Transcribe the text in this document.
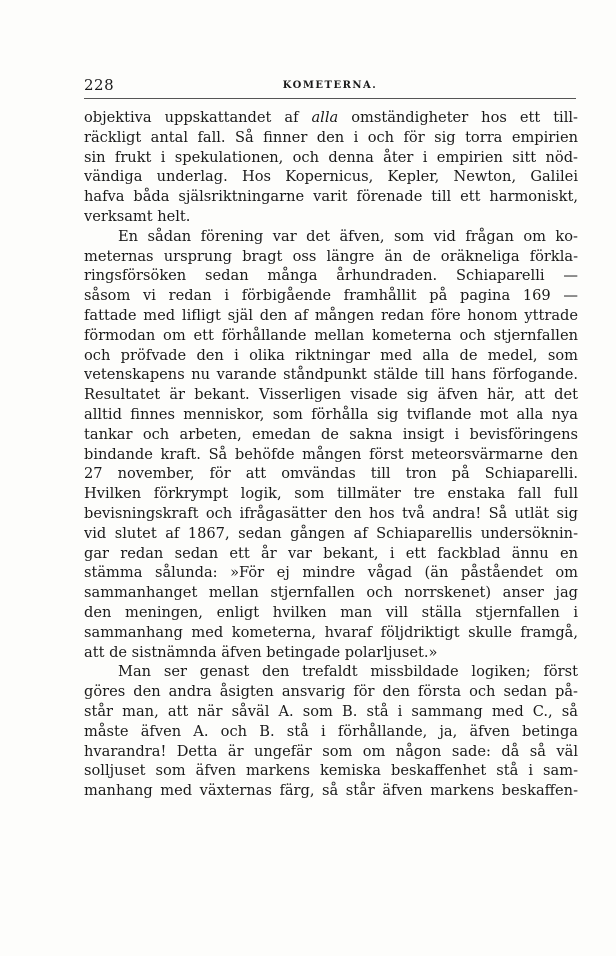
228	KOMETERNA.
objektiva uppskattandet af alla omständigheter hos ett till-
räckligt antal fall. Så finner den i och för sig torra empirien
sin frukt i spekulationen, och denna åter i empirien sitt nöd-
vändiga underlag. Hos Kopernicus, Kepler, Newton, Galilei
hafva båda själsriktningarne varit förenade till ett harmoniskt,
verksamt helt.
En sådan förening var det äfven, som vid frågan om ko-
meternas ursprung bragt oss längre än de oräkneliga förkla-
ringsförsöken sedan många århundraden. Schiaparelli —
såsom vi redan i förbigående framhållit på pagina 169 —
fattade med lifligt själ den af mången redan före honom yttrade
förmodan om ett förhållande mellan kometerna och stjernfallen
och pröfvade den i olika riktningar med alla de medel, som
vetenskapens nu varande ståndpunkt stälde till hans förfogande.
Resultatet är bekant. Visserligen visade sig äfven här, att det
alltid finnes menniskor, som förhålla sig tviflande mot alla nya
tankar och arbeten, emedan de sakna insigt i bevisföringens
bindande kraft. Så behöfde mången först meteorsvärmarne den
27 november, för att omvändas till tron på Schiaparelli.
Hvilken förkrympt logik, som tillmäter tre enstaka fall full
bevisningskraft och ifrågasätter den hos två andra! Så utlät sig
vid slutet af 1867, sedan gången af Schiaparellis undersöknin-
gar redan sedan ett år var bekant, i ett fackblad ännu en
stämma sålunda: »För ej mindre vågad (än påståendet om
sammanhanget mellan stjernfallen och norrskenet) anser jag
den meningen, enligt hvilken man vill ställa stjernfallen i
sammanhang med kometerna, hvaraf följdriktigt skulle framgå,
att de sistnämnda äfven betingade polarljuset.»
Man ser genast den trefaldt missbildade logiken; först
göres den andra åsigten ansvarig för den första och sedan på-
står man, att när såväl A. som B. stå i sammang med C., så
måste äfven A. och B. stå i förhållande, ja, äfven betinga
hvarandra! Detta är ungefär som om någon sade: då så väl
solljuset som äfven markens kemiska beskaffenhet stå i sam-
manhang med växternas färg, så står äfven markens beskaffen-
